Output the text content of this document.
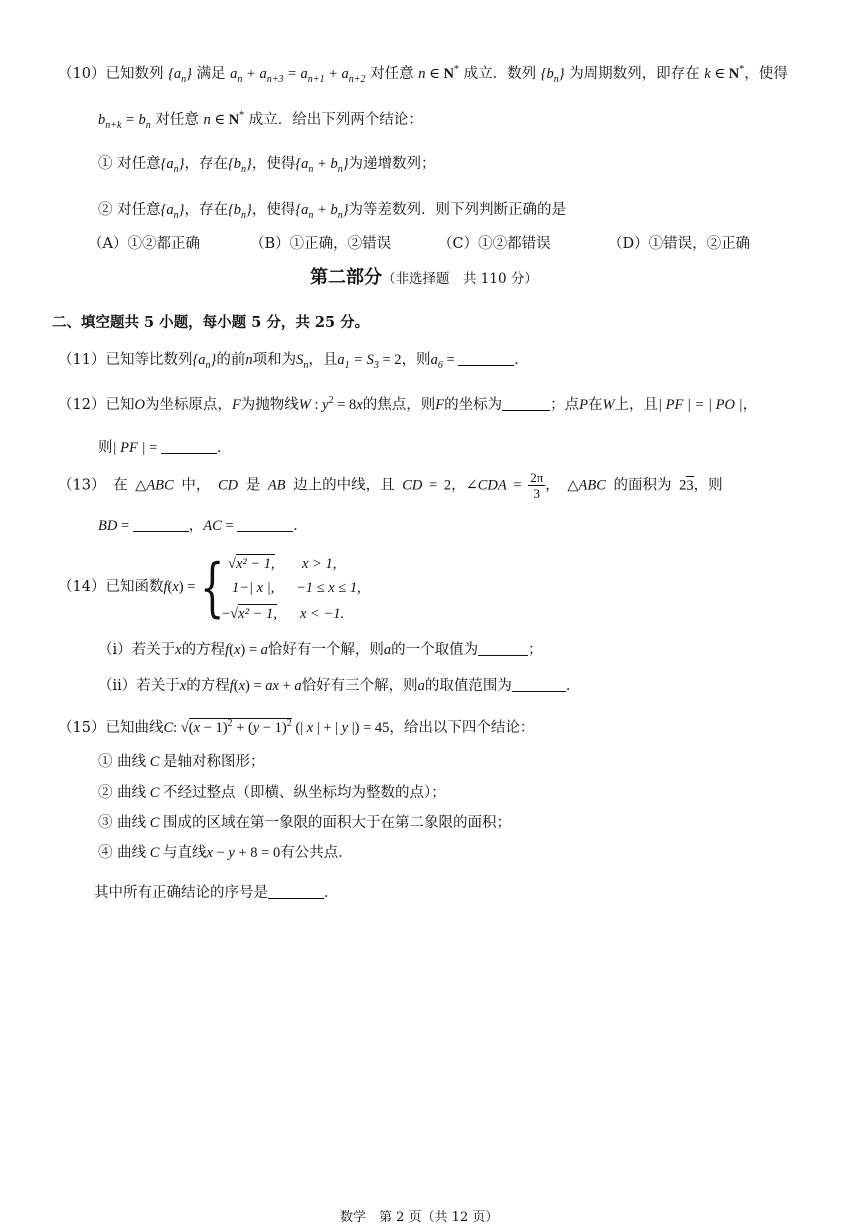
（10）已知数列 $\{a_n\}$ 满足 $a_n + a_{n+3} = a_{n+1} + a_{n+2}$ 对任意 n ∈ N* 成立．数列 $\{b_n\}$ 为周期数列，即存在 k ∈ N*，使得
$b_{n+k} = b_n$ 对任意 n ∈ N* 成立．给出下列两个结论：
① 对任意$\{a_n\}$，存在$\{b_n\}$，使得$\{a_n + b_n\}$为递增数列；
② 对任意$\{a_n\}$，存在$\{b_n\}$，使得$\{a_n + b_n\}$为等差数列．则下列判断正确的是
（A）①②都正确	（B）①正确，②错误	（C）①②都错误	（D）①错误，②正确
第二部分（非选择题　共 110 分）
二、填空题共 5 小题，每小题 5 分，共 25 分。
（11）已知等比数列$\{a_n\}$的前n项和为$S_n$，且$a_1 = S_3 = 2$，则$a_6$ =	．
（12）已知O为坐标原点，F为抛物线W : $y^2 = 8x$的焦点，则F的坐标为	；点P在W上，且| PF | = | PO |，
则| PF | =	．
（13） 在 △ABC 中， CD 是 AB 边上的中线，且 CD = 2，∠CDA = $\frac{2\pi}{3}$ ， △ABC 的面积为 23，则
BD =	，AC =	．
（14）已知函数f(x) = { √x² − 1, x > 1,
1−| x |, −1 ≤ x ≤ 1,
−√x² − 1, x < −1.
（i）若关于x的方程f(x) = a恰好有一个解，则a的一个取值为	；
（ii）若关于x的方程f(x) = ax + a恰好有三个解，则a的取值范围为	．
（15）已知曲线C: $√(x - 1)^2 + (y - 1)^2$ (| x | + | y |) = 45，给出以下四个结论：
① 曲线 C 是轴对称图形；
② 曲线 C 不经过整点（即横、纵坐标均为整数的点）；
③ 曲线 C 围成的区域在第一象限的面积大于在第二象限的面积；
④ 曲线 C 与直线x − y + 8 = 0有公共点．
其中所有正确结论的序号是	．
数学　第 2 页（共 12 页）
